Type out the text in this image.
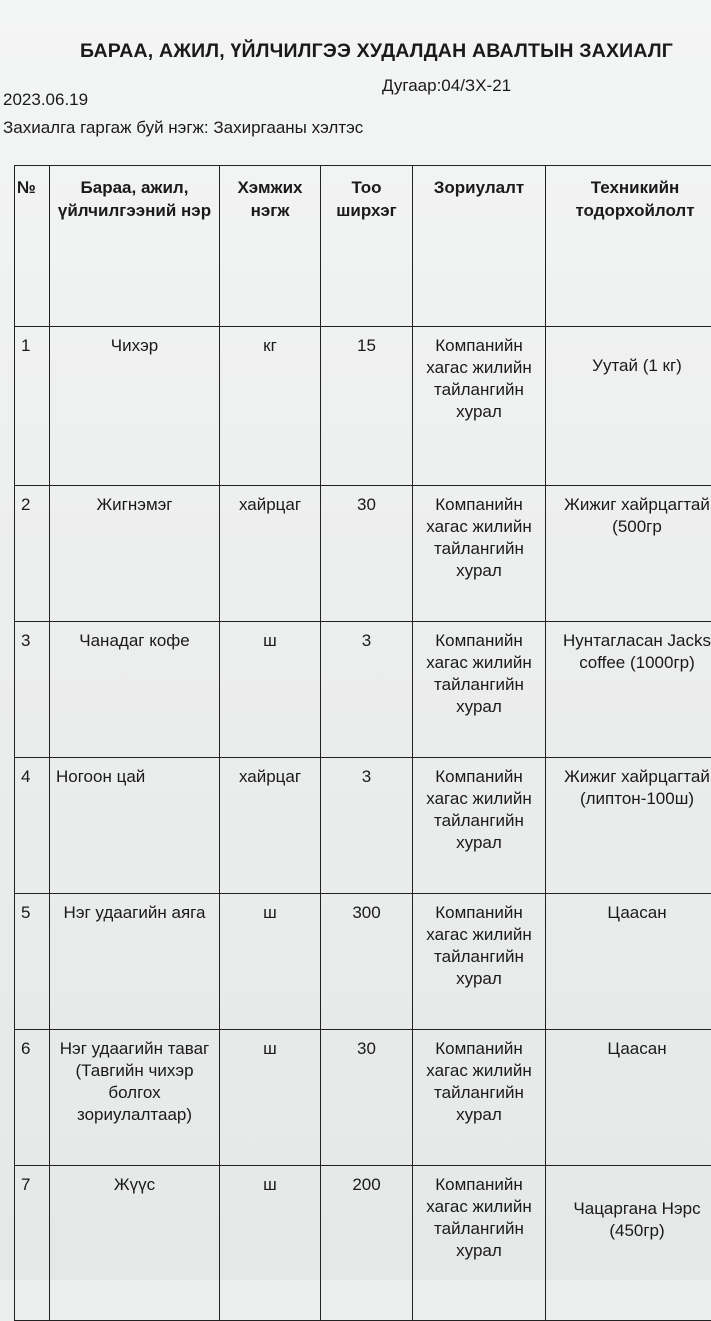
БАРАА, АЖИЛ, ҮЙЛЧИЛГЭЭ ХУДАЛДАН АВАЛТЫН ЗАХИАЛГ
Дугаар:04/ЗХ-21
2023.06.19
Захиалга гаргаж буй нэгж: Захиргааны хэлтэс
№	Бараа, ажил, үйлчилгээний нэр	Хэмжих нэгж	Тоо ширхэг	Зориулалт	Техникийн тодорхойлолт
1	Чихэр	кг	15	Компанийн хагас жилийн тайлангийн хурал	Уутай (1 кг)
2	Жигнэмэг	хайрцаг	30	Компанийн хагас жилийн тайлангийн хурал	Жижиг хайрцагтай (500гр
3	Чанадаг кофе	ш	3	Компанийн хагас жилийн тайлангийн хурал	Нунтагласан Jacks coffee (1000гр)
4	Ногоон цай	хайрцаг	3	Компанийн хагас жилийн тайлангийн хурал	Жижиг хайрцагтай (липтон-100ш)
5	Нэг удаагийн аяга	ш	300	Компанийн хагас жилийн тайлангийн хурал	Цаасан
6	Нэг удаагийн таваг (Тавгийн чихэр болгох зориулалтаар)	ш	30	Компанийн хагас жилийн тайлангийн хурал	Цаасан
7	Жүүс	ш	200	Компанийн хагас жилийн тайлангийн хурал	Чацаргана Нэрс (450гр)
